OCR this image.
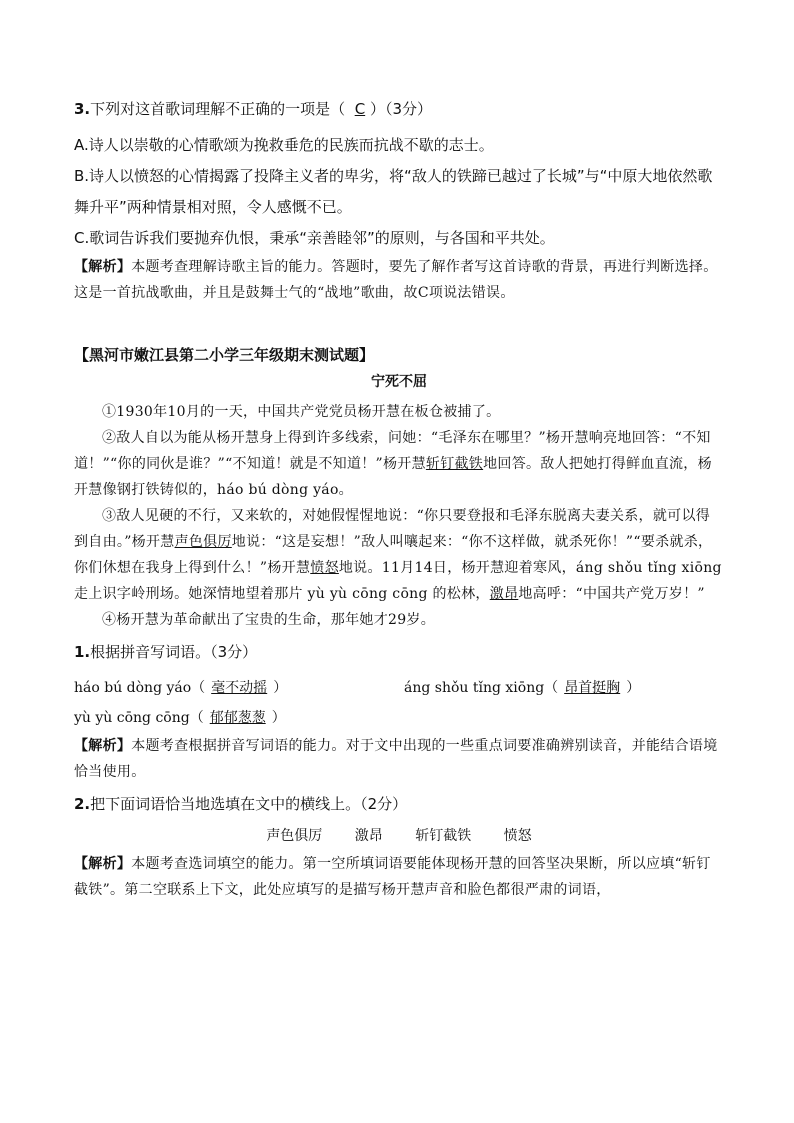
3.下列对这首歌词理解不正确的一项是（ C ）（3分）

A.诗人以崇敬的心情歌颂为挽救垂危的民族而抗战不歇的志士。

B.诗人以愤怒的心情揭露了投降主义者的卑劣，将“敌人的铁蹄已越过了长城”与“中原大地依然歌舞升平”两种情景相对照，令人感慨不已。

C.歌词告诉我们要抛弃仇恨，秉承“亲善睦邻”的原则，与各国和平共处。

【解析】本题考查理解诗歌主旨的能力。答题时，要先了解作者写这首诗歌的背景，再进行判断选择。这是一首抗战歌曲，并且是鼓舞士气的“战地”歌曲，故C项说法错误。

【黑河市嫩江县第二小学三年级期末测试题】
宁死不屈

①1930年10月的一天，中国共产党党员杨开慧在板仓被捕了。

②敌人自以为能从杨开慧身上得到许多线索，问她：“毛泽东在哪里？”杨开慧响亮地回答：“不知道！”“你的同伙是谁？”“不知道！就是不知道！”杨开慧斩钉截铁地回答。敌人把她打得鲜血直流，杨开慧像钢打铁铸似的，háo bú dòng yáo。

③敌人见硬的不行，又来软的，对她假惺惺地说：“你只要登报和毛泽东脱离夫妻关系，就可以得到自由。”杨开慧声色俱厉地说：“这是妄想！”敌人叫嚷起来：“你不这样做，就杀死你！”“要杀就杀，你们休想在我身上得到什么！”杨开慧愤怒地说。11月14日，杨开慧迎着寒风，áng shǒu tǐng xiōng 走上识字岭刑场。她深情地望着那片 yù yù cōng cōng 的松林，激昂地高呼：“中国共产党万岁！”

④杨开慧为革命献出了宝贵的生命，那年她才29岁。

1.根据拼音写词语。（3分）

háo bú dòng yáo（ 毫不动摇 ）	áng shǒu tǐng xiōng（ 昂首挺胸 ）
yù yù cōng cōng（ 郁郁葱葱 ）

【解析】本题考查根据拼音写词语的能力。对于文中出现的一些重点词要准确辨别读音，并能结合语境恰当使用。

2.把下面词语恰当地选填在文中的横线上。（2分）

声色俱厉 激昂 斩钉截铁 愤怒

【解析】本题考查选词填空的能力。第一空所填词语要能体现杨开慧的回答坚决果断，所以应填“斩钉截铁”。第二空联系上下文，此处应填写的是描写杨开慧声音和脸色都很严肃的词语，
